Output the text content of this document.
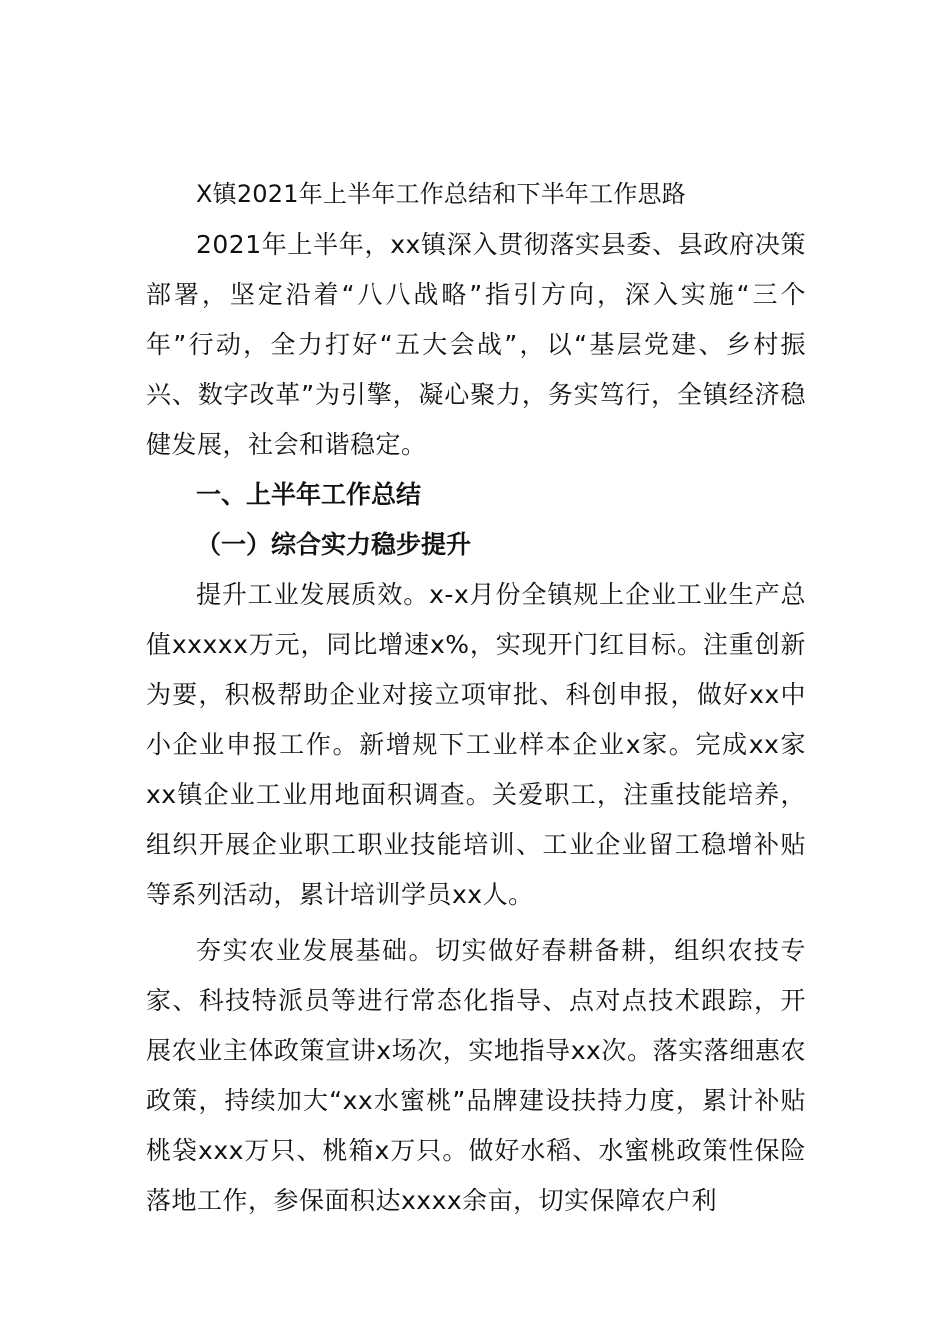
X镇2021年上半年工作总结和下半年工作思路

2021年上半年，xx镇深入贯彻落实县委、县政府决策部署，坚定沿着“八八战略”指引方向，深入实施“三个年”行动，全力打好“五大会战”，以“基层党建、乡村振兴、数字改革”为引擎，凝心聚力，务实笃行，全镇经济稳健发展，社会和谐稳定。

一、上半年工作总结
（一）综合实力稳步提升

提升工业发展质效。x-x月份全镇规上企业工业生产总值xxxxx万元，同比增速x%，实现开门红目标。注重创新为要，积极帮助企业对接立项审批、科创申报，做好xx中小企业申报工作。新增规下工业样本企业x家。完成xx家xx镇企业工业用地面积调查。关爱职工，注重技能培养，组织开展企业职工职业技能培训、工业企业留工稳增补贴等系列活动，累计培训学员xx人。

夯实农业发展基础。切实做好春耕备耕，组织农技专家、科技特派员等进行常态化指导、点对点技术跟踪，开展农业主体政策宣讲x场次，实地指导xx次。落实落细惠农政策，持续加大“xx水蜜桃”品牌建设扶持力度，累计补贴桃袋xxx万只、桃箱x万只。做好水稻、水蜜桃政策性保险落地工作，参保面积达xxxx余亩，切实保障农户利
